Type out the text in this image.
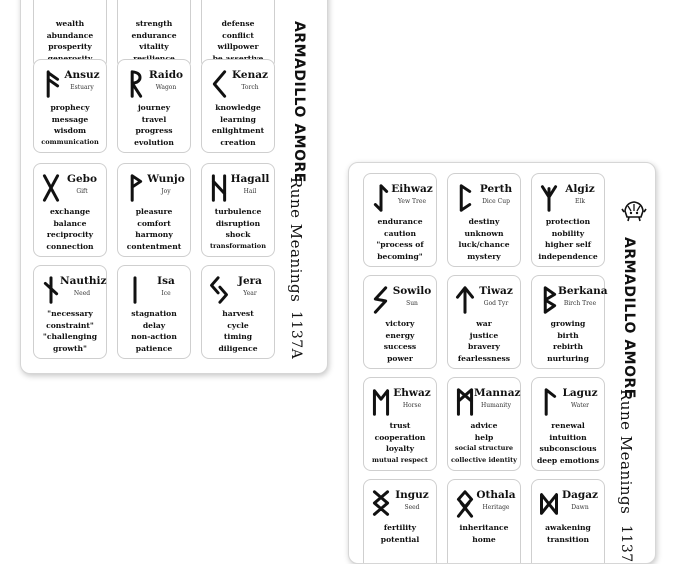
ARMADILLO AMORE
Rune Meanings
1137A
wealth
abundance
prosperity
strength
endurance
vitality
defense
conflict
willpower
Ansuz
Estuary
prophecy
message
wisdom
communication
Raido
Wagon
journey
travel
progress
evolution
Kenaz
Torch
knowledge
learning
enlightment
creation
Gebo
Gift
exchange
balance
reciprocity
connection
Wunjo
Joy
pleasure
comfort
harmony
contentment
Hagall
Hail
turbulence
disruption
shock
transformation
Nauthiz
Need
"necessary
constraint"
"challenging
growth"
Isa
Ice
stagnation
delay
non-action
patience
Jera
Year
harvest
cycle
timing
diligence	ARMADILLO AMORE
Rune Meanings
1137
Eihwaz
Yew Tree
endurance
caution
"process of
becoming"
Perth
Dice Cup
destiny
unknown
luck/chance
mystery
Algiz
Elk
protection
nobility
higher self
independence
Sowilo
Sun
victory
energy
success
power
Tiwaz
God Tyr
war
justice
bravery
fearlessness
Berkana
Birch Tree
growing
birth
rebirth
nurturing
Ehwaz
Horse
trust
cooperation
loyalty
mutual respect
Mannaz
Humanity
advice
help
social structure
collective identity
Laguz
Water
renewal
intuition
subconscious
deep emotions
Inguz
Seed
fertility
potential
Othala
Heritage
inheritance
home
Dagaz
Dawn
awakening
transition
